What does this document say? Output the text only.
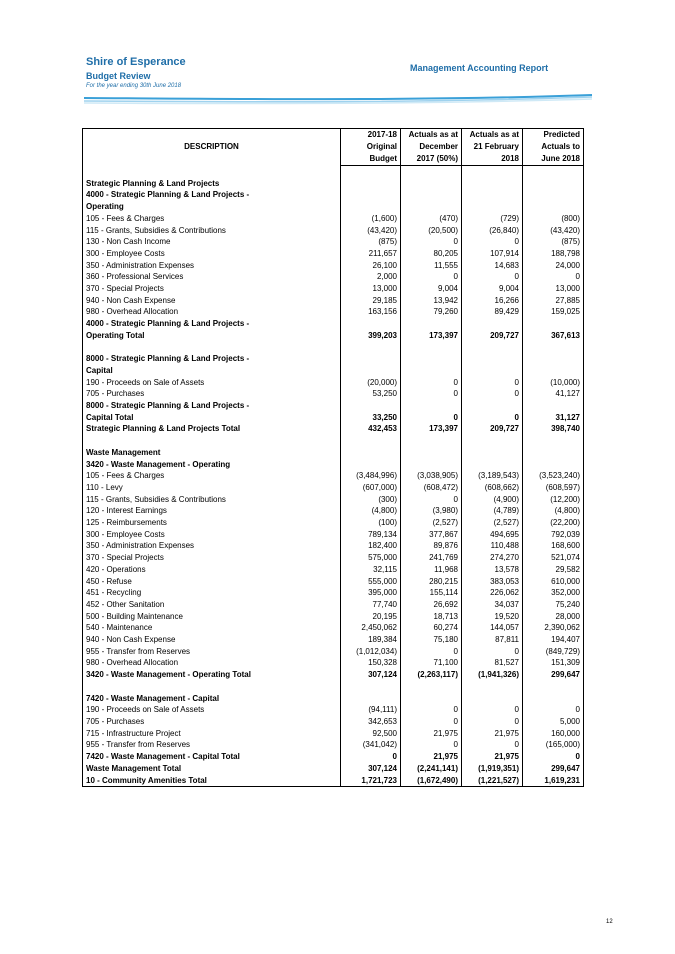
Shire of Esperance
Budget Review
For the year ending 30th June 2018
Management Accounting Report
DESCRIPTION	2017-18	Actuals as at	Actuals as at	Predicted
	Original	December	21 February	Actuals to
	Budget	2017 (50%)	2018	June 2018

Strategic Planning & Land Projects				
4000 - Strategic Planning & Land Projects -				
Operating				
105 - Fees & Charges	(1,600)	(470)	(729)	(800)
115 - Grants, Subsidies & Contributions	(43,420)	(20,500)	(26,840)	(43,420)
130 - Non Cash Income	(875)	0	0	(875)
300 - Employee Costs	211,657	80,205	107,914	188,798
350 - Administration Expenses	26,100	11,555	14,683	24,000
360 - Professional Services	2,000	0	0	0
370 - Special Projects	13,000	9,004	9,004	13,000
940 - Non Cash Expense	29,185	13,942	16,266	27,885
980 - Overhead Allocation	163,156	79,260	89,429	159,025
4000 - Strategic Planning & Land Projects -				
Operating Total	399,203	173,397	209,727	367,613

8000 - Strategic Planning & Land Projects -				
Capital				
190 - Proceeds on Sale of Assets	(20,000)	0	0	(10,000)
705 - Purchases	53,250	0	0	41,127
8000 - Strategic Planning & Land Projects -				
Capital Total	33,250	0	0	31,127
Strategic Planning & Land Projects Total	432,453	173,397	209,727	398,740

Waste Management				
3420 - Waste Management - Operating				
105 - Fees & Charges	(3,484,996)	(3,038,905)	(3,189,543)	(3,523,240)
110 - Levy	(607,000)	(608,472)	(608,662)	(608,597)
115 - Grants, Subsidies & Contributions	(300)	0	(4,900)	(12,200)
120 - Interest Earnings	(4,800)	(3,980)	(4,789)	(4,800)
125 - Reimbursements	(100)	(2,527)	(2,527)	(22,200)
300 - Employee Costs	789,134	377,867	494,695	792,039
350 - Administration Expenses	182,400	89,876	110,488	168,600
370 - Special Projects	575,000	241,769	274,270	521,074
420 - Operations	32,115	11,968	13,578	29,582
450 - Refuse	555,000	280,215	383,053	610,000
451 - Recycling	395,000	155,114	226,062	352,000
452 - Other Sanitation	77,740	26,692	34,037	75,240
500 - Building Maintenance	20,195	18,713	19,520	28,000
540 - Maintenance	2,450,062	60,274	144,057	2,390,062
940 - Non Cash Expense	189,384	75,180	87,811	194,407
955 - Transfer from Reserves	(1,012,034)	0	0	(849,729)
980 - Overhead Allocation	150,328	71,100	81,527	151,309
3420 - Waste Management - Operating Total	307,124	(2,263,117)	(1,941,326)	299,647

7420 - Waste Management - Capital				
190 - Proceeds on Sale of Assets	(94,111)	0	0	0
705 - Purchases	342,653	0	0	5,000
715 - Infrastructure Project	92,500	21,975	21,975	160,000
955 - Transfer from Reserves	(341,042)	0	0	(165,000)
7420 - Waste Management - Capital Total	0	21,975	21,975	0
Waste Management Total	307,124	(2,241,141)	(1,919,351)	299,647
10 - Community Amenities Total	1,721,723	(1,672,490)	(1,221,527)	1,619,231
12
